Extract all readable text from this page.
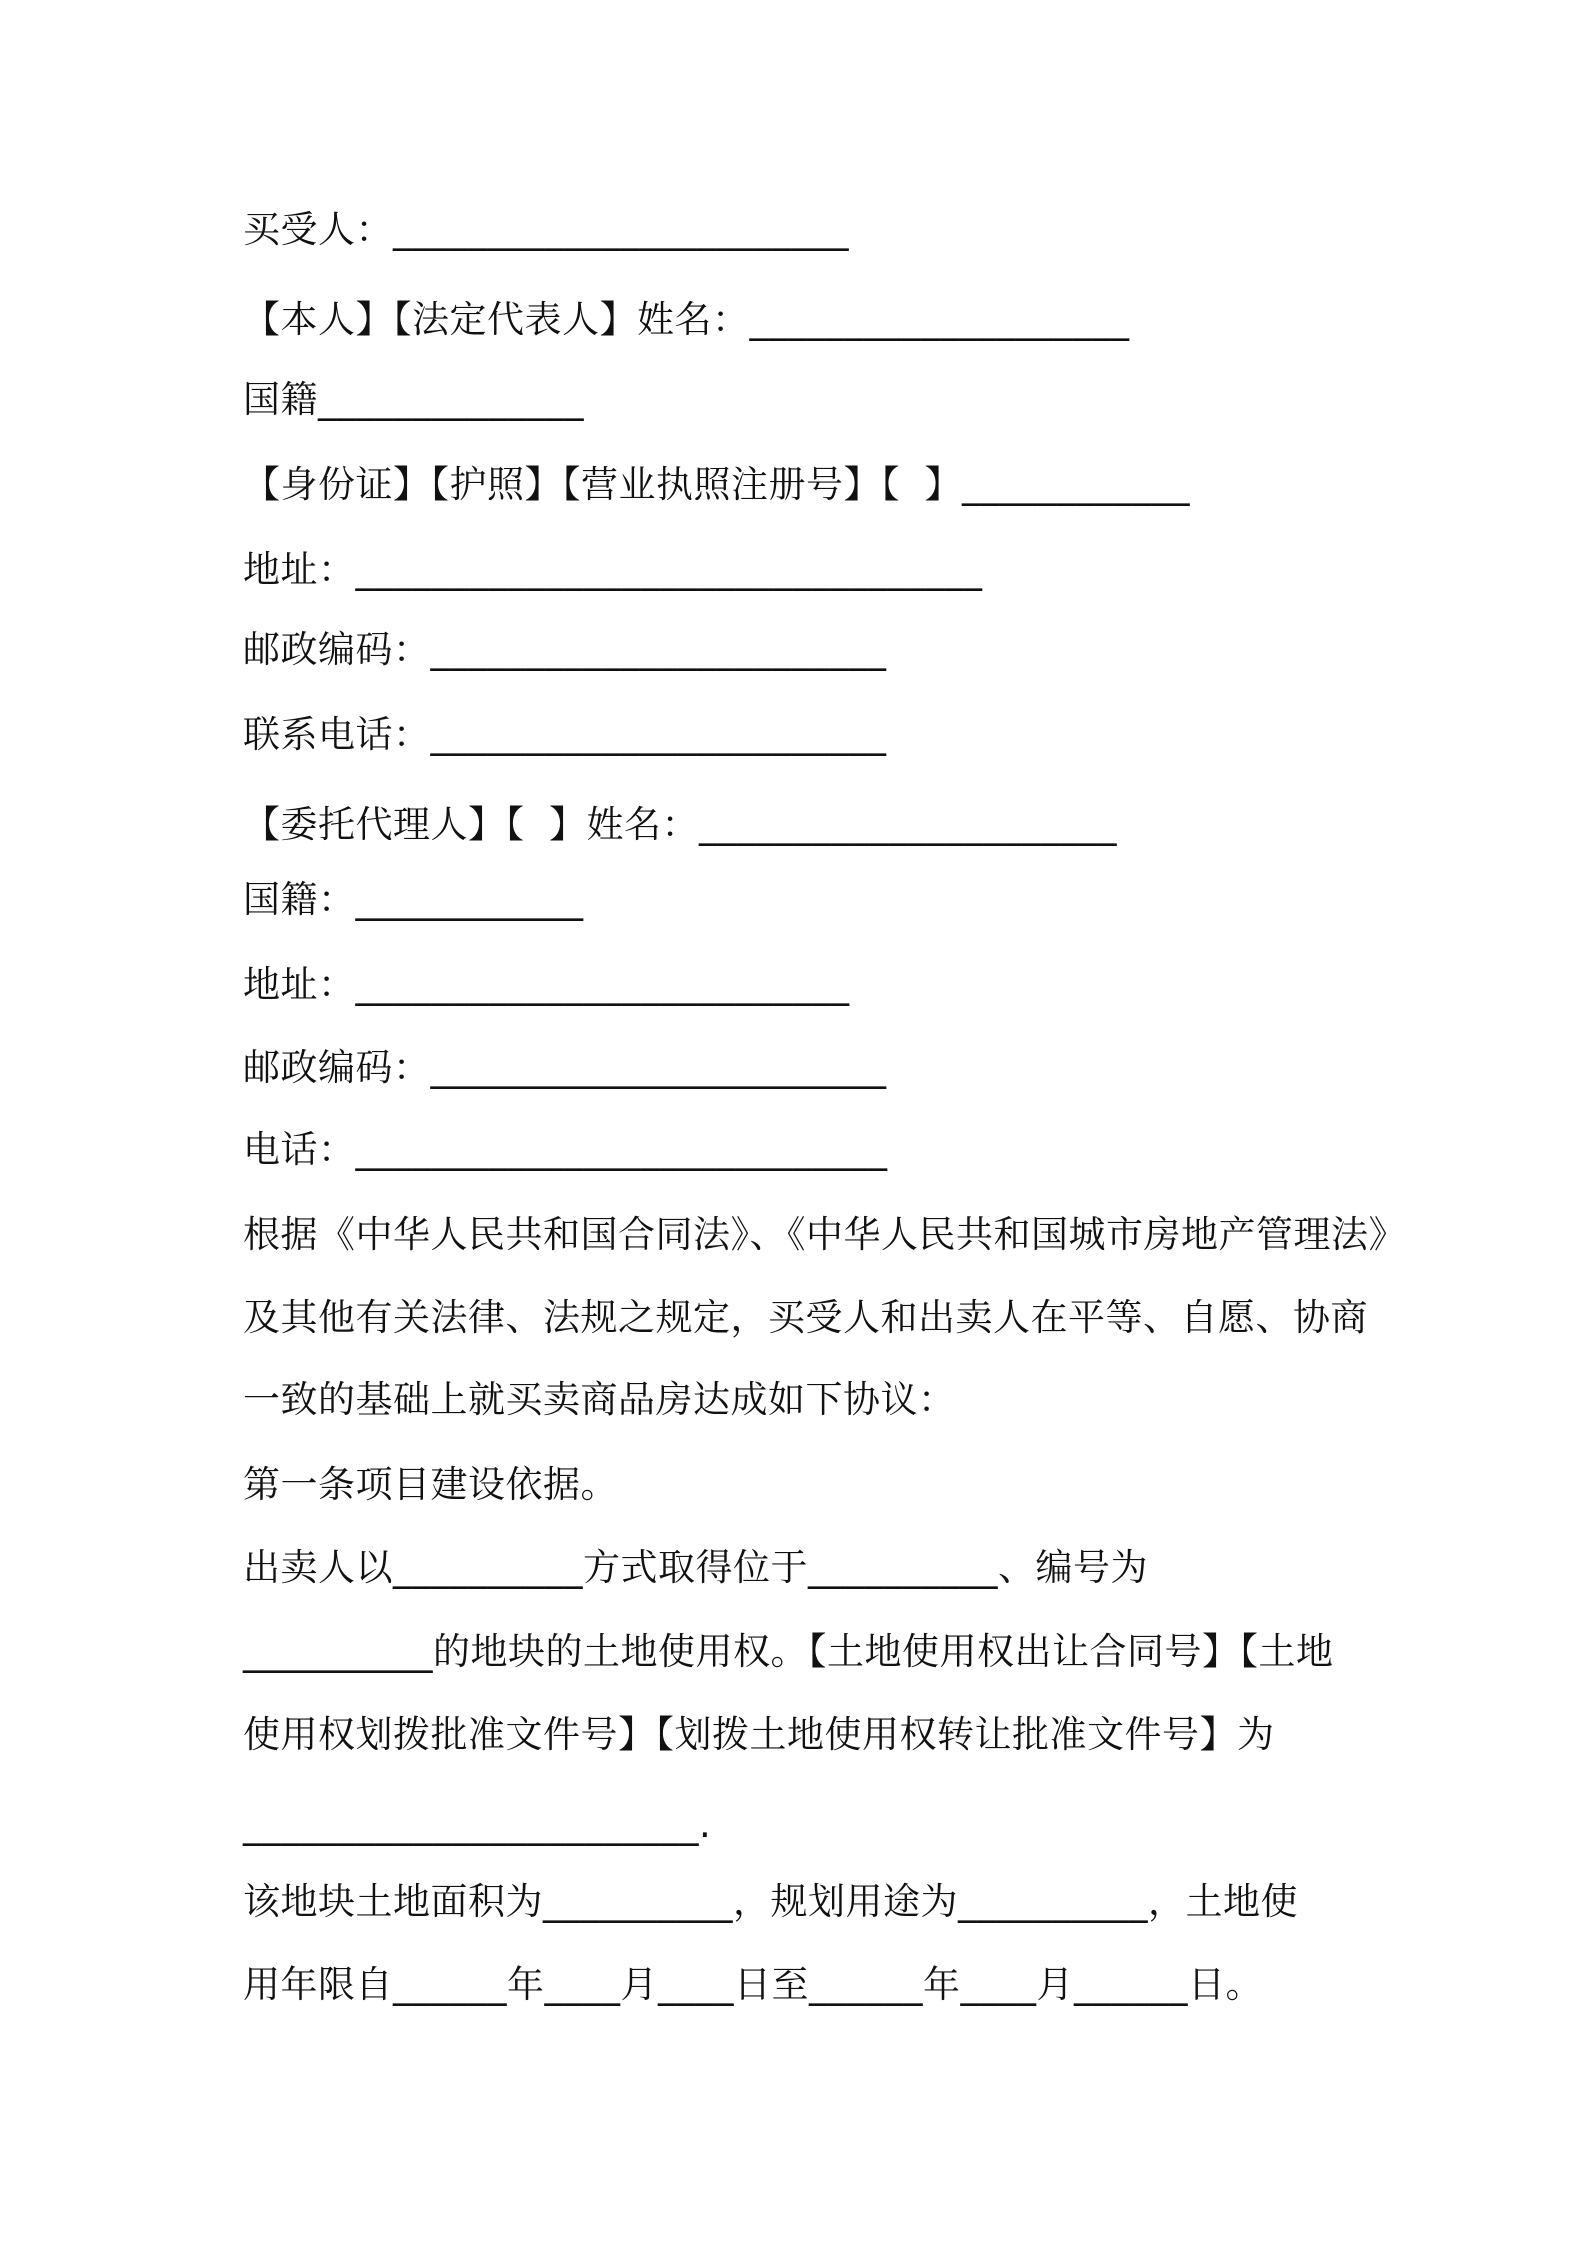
买受人：________________________
【本人】【法定代表人】姓名：____________________
国籍______________
【身份证】【护照】【营业执照注册号】【  】____________
地址：_________________________________
邮政编码：________________________
联系电话：________________________
【委托代理人】【  】姓名：______________________
国籍：____________
地址：__________________________
邮政编码：________________________
电话：____________________________
根据《中华人民共和国合同法》、《中华人民共和国城市房地产管理法》
及其他有关法律、法规之规定，买受人和出卖人在平等、自愿、协商
一致的基础上就买卖商品房达成如下协议：
第一条项目建设依据。
出卖人以__________方式取得位于__________、编号为
__________的地块的土地使用权。【土地使用权出让合同号】【土地
使用权划拨批准文件号】【划拨土地使用权转让批准文件号】为
________________________.
该地块土地面积为__________，规划用途为__________，土地使
用年限自______年____月____日至______年____月______日。
